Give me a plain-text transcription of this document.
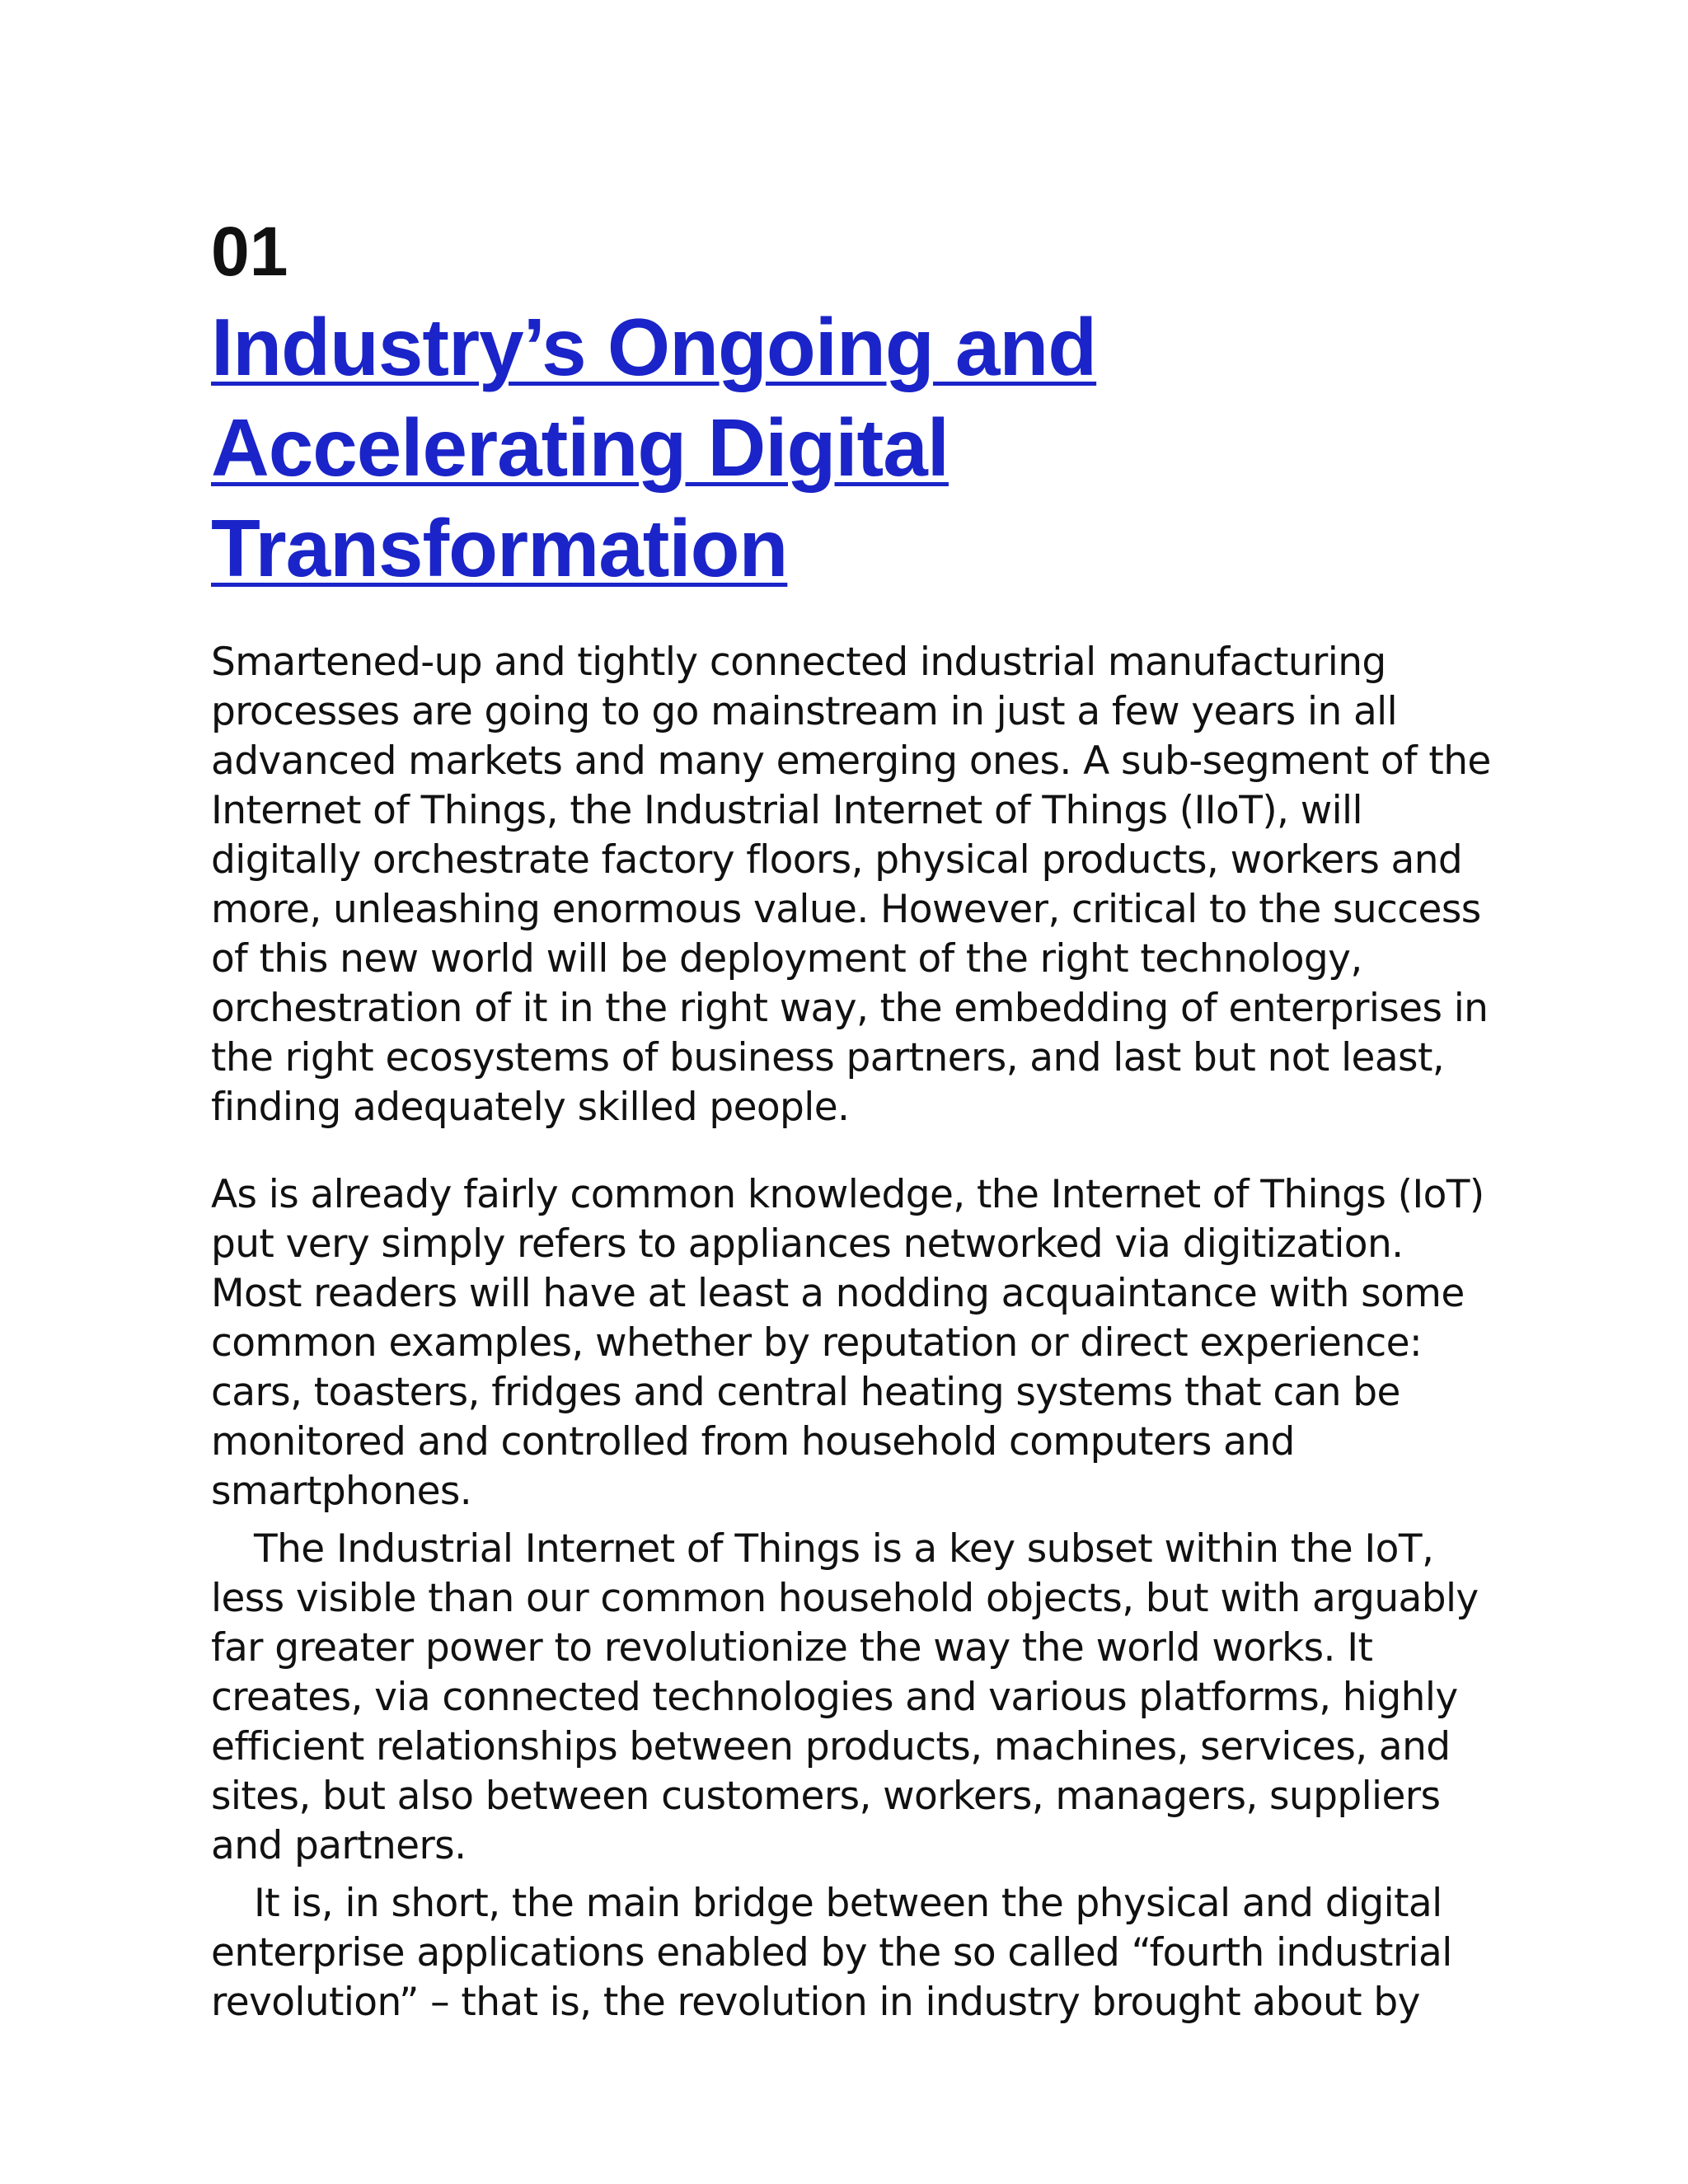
01
Industry’s Ongoing and
Accelerating Digital
Transformation

Smartened-up and tightly connected industrial manufacturing processes are going to go mainstream in just a few years in all advanced markets and many emerging ones. A sub-segment of the Internet of Things, the Industrial Internet of Things (IIoT), will digitally orchestrate factory floors, physical products, workers and more, unleashing enormous value. However, critical to the success of this new world will be deployment of the right technology, orchestration of it in the right way, the embedding of enterprises in the right ecosystems of business partners, and last but not least, finding adequately skilled people.

As is already fairly common knowledge, the Internet of Things (IoT) put very simply refers to appliances networked via digitization. Most readers will have at least a nodding acquaintance with some common examples, whether by reputation or direct experience: cars, toasters, fridges and central heating systems that can be monitored and controlled from household computers and smartphones.

The Industrial Internet of Things is a key subset within the IoT, less visible than our common household objects, but with arguably far greater power to revolutionize the way the world works. It creates, via connected technologies and various platforms, highly efficient relationships between products, machines, services, and sites, but also between customers, workers, managers, suppliers and partners.

It is, in short, the main bridge between the physical and digital enterprise applications enabled by the so called “fourth industrial revolution” – that is, the revolution in industry brought about by
